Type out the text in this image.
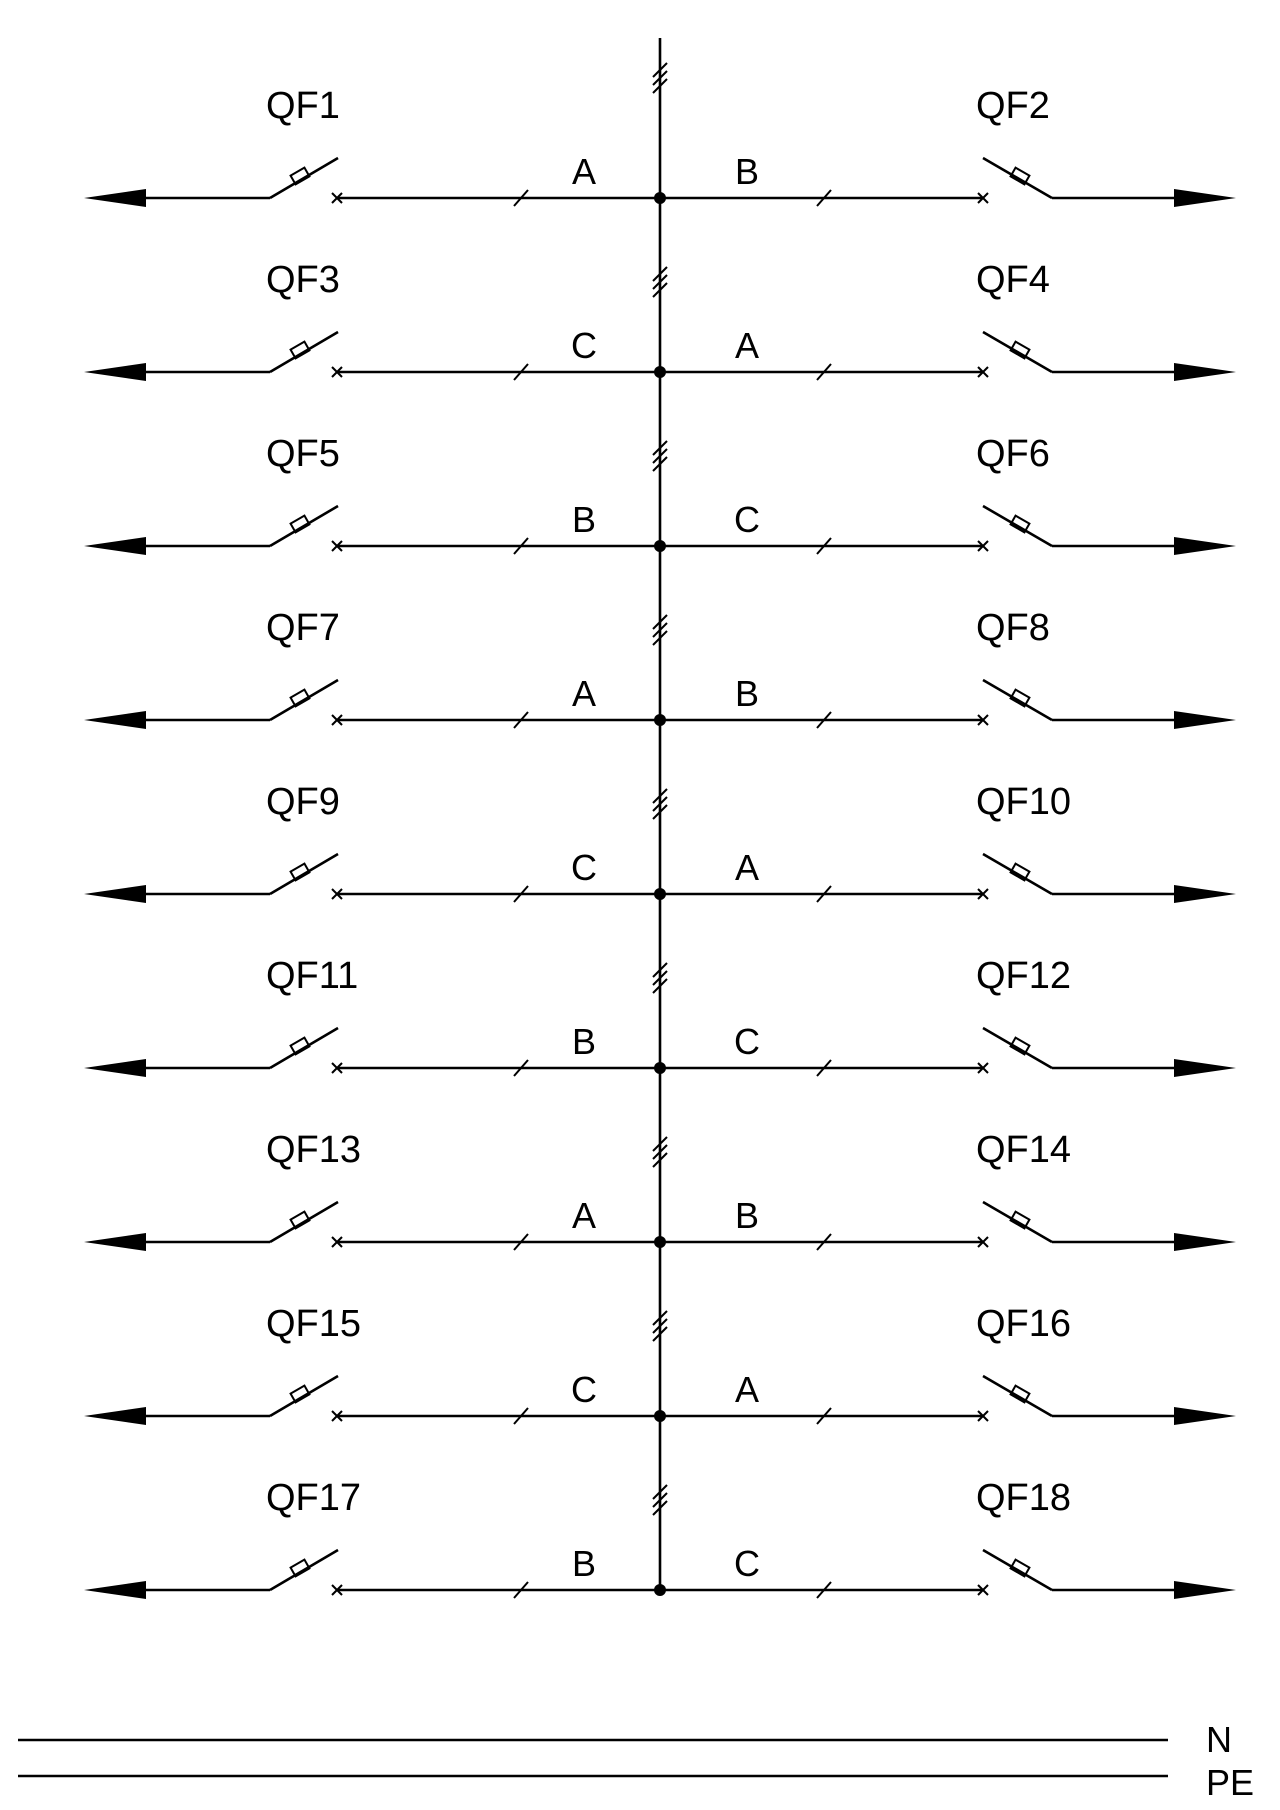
QF1
A
QF2
B
QF3
C
QF4
A
QF5
B
QF6
C
QF7
A
QF8
B
QF9
C
QF10
A
QF11
B
QF12
C
QF13
A
QF14
B
QF15
C
QF16
A
QF17
B
QF18
C
N
PE
